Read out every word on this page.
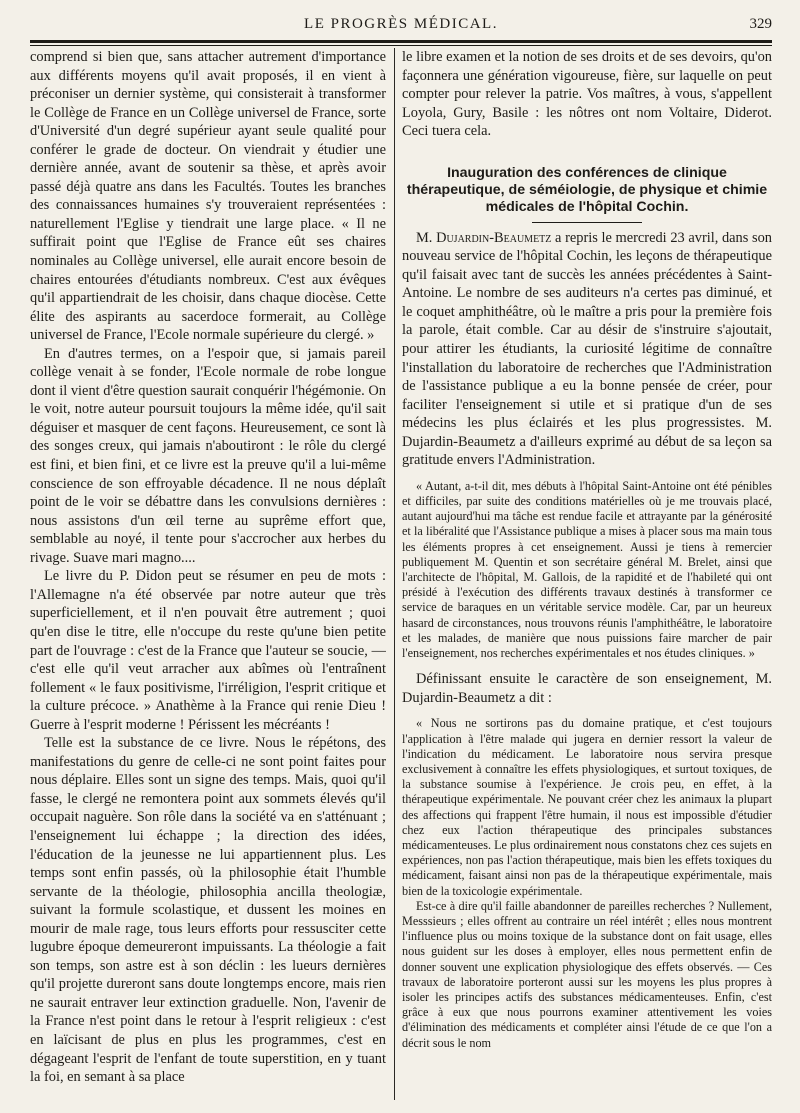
LE PROGRÈS MÉDICAL.	329

comprend si bien que, sans attacher autrement d'importance aux différents moyens qu'il avait proposés, il en vient à préconiser un dernier système, qui consisterait à transformer le Collège de France en un Collège universel de France, sorte d'Université d'un degré supérieur ayant seule qualité pour conférer le grade de docteur. On viendrait y étudier une dernière année, avant de soutenir sa thèse, et après avoir passé déjà quatre ans dans les Facultés. Toutes les branches des connaissances humaines s'y trouveraient représentées : naturellement l'Eglise y tiendrait une large place. « Il ne suffirait point que l'Eglise de France eût ses chaires nominales au Collège universel, elle aurait encore besoin de chaires entourées d'étudiants nombreux. C'est aux évêques qu'il appartiendrait de les choisir, dans chaque diocèse. Cette élite des aspirants au sacerdoce formerait, au Collège universel de France, l'Ecole normale supérieure du clergé. »

En d'autres termes, on a l'espoir que, si jamais pareil collège venait à se fonder, l'Ecole normale de robe longue dont il vient d'être question saurait conquérir l'hégémonie. On le voit, notre auteur poursuit toujours la même idée, qu'il sait déguiser et masquer de cent façons. Heureusement, ce sont là des songes creux, qui jamais n'aboutiront : le rôle du clergé est fini, et bien fini, et ce livre est la preuve qu'il a lui-même conscience de son effroyable décadence. Il ne nous déplaît point de le voir se débattre dans les convulsions dernières : nous assistons d'un œil terne au suprême effort que, semblable au noyé, il tente pour s'accrocher aux herbes du rivage. Suave mari magno....

Le livre du P. Didon peut se résumer en peu de mots : l'Allemagne n'a été observée par notre auteur que très superficiellement, et il n'en pouvait être autrement ; quoi qu'en dise le titre, elle n'occupe du reste qu'une bien petite part de l'ouvrage : c'est de la France que l'auteur se soucie, — c'est elle qu'il veut arracher aux abîmes où l'entraînent follement « le faux positivisme, l'irréligion, l'esprit critique et la culture précoce. » Anathème à la France qui renie Dieu ! Guerre à l'esprit moderne ! Périssent les mécréants !

Telle est la substance de ce livre. Nous le répétons, des manifestations du genre de celle-ci ne sont point faites pour nous déplaire. Elles sont un signe des temps. Mais, quoi qu'il fasse, le clergé ne remontera point aux sommets élevés qu'il occupait naguère. Son rôle dans la société va en s'atténuant ; l'enseignement lui échappe ; la direction des idées, l'éducation de la jeunesse ne lui appartiennent plus. Les temps sont enfin passés, où la philosophie était l'humble servante de la théologie, philosophia ancilla theologiæ, suivant la formule scolastique, et dussent les moines en mourir de male rage, tous leurs efforts pour ressusciter cette lugubre époque demeureront impuissants. La théologie a fait son temps, son astre est à son déclin : les lueurs dernières qu'il projette dureront sans doute longtemps encore, mais rien ne saurait entraver leur extinction graduelle. Non, l'avenir de la France n'est point dans le retour à l'esprit religieux : c'est en laïcisant de plus en plus les programmes, c'est en dégageant l'esprit de l'enfant de toute superstition, en y tuant la foi, en semant à sa place

le libre examen et la notion de ses droits et de ses devoirs, qu'on façonnera une génération vigoureuse, fière, sur laquelle on peut compter pour relever la patrie. Vos maîtres, à vous, s'appellent Loyola, Gury, Basile : les nôtres ont nom Voltaire, Diderot. Ceci tuera cela.

Inauguration des conférences de clinique thérapeutique, de séméiologie, de physique et chimie médicales de l'hôpital Cochin.

M. Dujardin-Beaumetz a repris le mercredi 23 avril, dans son nouveau service de l'hôpital Cochin, les leçons de thérapeutique qu'il faisait avec tant de succès les années précédentes à Saint-Antoine. Le nombre de ses auditeurs n'a certes pas diminué, et le coquet amphithéâtre, où le maître a pris pour la première fois la parole, était comble. Car au désir de s'instruire s'ajoutait, pour attirer les étudiants, la curiosité légitime de connaître l'installation du laboratoire de recherches que l'Administration de l'assistance publique a eu la bonne pensée de créer, pour faciliter l'enseignement si utile et si pratique d'un de ses médecins les plus éclairés et les plus progressistes. M. Dujardin-Beaumetz a d'ailleurs exprimé au début de sa leçon sa gratitude envers l'Administration.

« Autant, a-t-il dit, mes débuts à l'hôpital Saint-Antoine ont été pénibles et difficiles, par suite des conditions matérielles où je me trouvais placé, autant aujourd'hui ma tâche est rendue facile et attrayante par la générosité et la libéralité que l'Assistance publique a mises à placer sous ma main tous les éléments propres à cet enseignement. Aussi je tiens à remercier publiquement M. Quentin et son secrétaire général M. Brelet, ainsi que l'architecte de l'hôpital, M. Gallois, de la rapidité et de l'habileté qui ont présidé à l'exécution des différents travaux destinés à transformer ce service de baraques en un véritable service modèle. Car, par un heureux hasard de circonstances, nous trouvons réunis l'amphithéâtre, le laboratoire et les malades, de manière que nous puissions faire marcher de pair l'enseignement, nos recherches expérimentales et nos études cliniques. »

Définissant ensuite le caractère de son enseignement, M. Dujardin-Beaumetz a dit :

« Nous ne sortirons pas du domaine pratique, et c'est toujours l'application à l'être malade qui jugera en dernier ressort la valeur de l'indication du médicament. Le laboratoire nous servira presque exclusivement à connaître les effets physiologiques, et surtout toxiques, de la substance soumise à l'expérience. Je crois peu, en effet, à la thérapeutique expérimentale. Ne pouvant créer chez les animaux la plupart des affections qui frappent l'être humain, il nous est impossible d'étudier chez eux l'action thérapeutique des principales substances médicamenteuses. Le plus ordinairement nous constatons chez ces sujets en expériences, non pas l'action thérapeutique, mais bien les effets toxiques du médicament, faisant ainsi non pas de la thérapeutique expérimentale, mais bien de la toxicologie expérimentale.

Est-ce à dire qu'il faille abandonner de pareilles recherches ? Nullement, Messsieurs ; elles offrent au contraire un réel intérêt ; elles nous montrent l'influence plus ou moins toxique de la substance dont on fait usage, elles nous guident sur les doses à employer, elles nous permettent enfin de donner souvent une explication physiologique des effets observés. — Ces travaux de laboratoire porteront aussi sur les moyens les plus propres à isoler les principes actifs des substances médicamenteuses. Enfin, c'est grâce à eux que nous pourrons examiner attentivement les voies d'élimination des médicaments et compléter ainsi l'étude de ce que l'on a décrit sous le nom
